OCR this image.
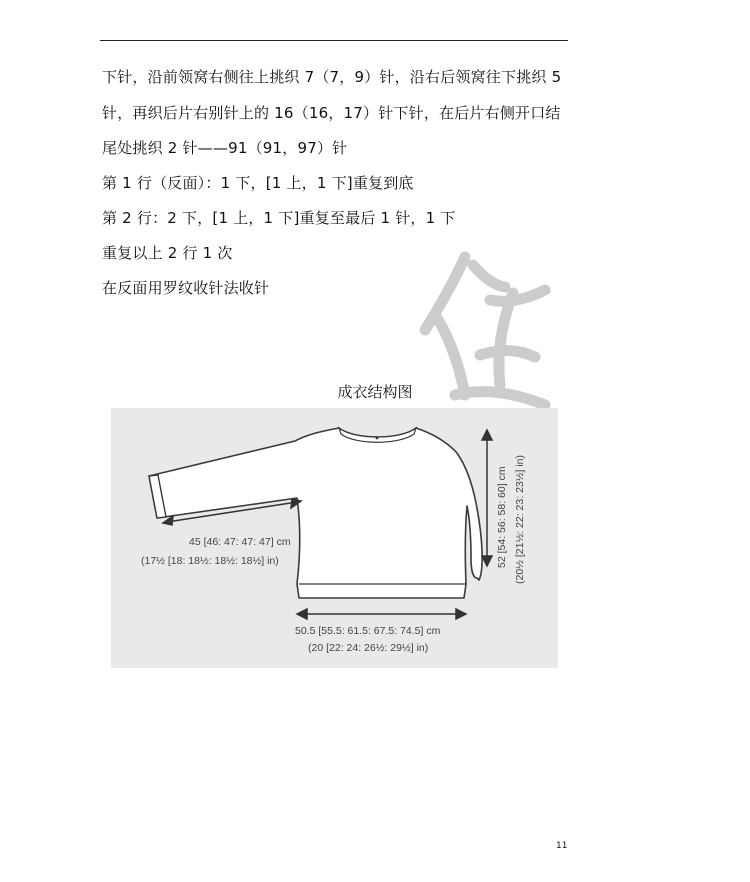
下针，沿前领窝右侧往上挑织 7（7，9）针，沿右后领窝往下挑织 5
针，再织后片右别针上的 16（16，17）针下针，在后片右侧开口结
尾处挑织 2 针——91（91，97）针
第 1 行（反面）：1 下，[1 上，1 下]重复到底
第 2 行：2 下，[1 上，1 下]重复至最后 1 针，1 下
重复以上 2 行 1 次
在反面用罗纹收针法收针
成衣结构图
45 [46: 47: 47: 47] cm
(17½ [18: 18½: 18½: 18½] in)
50.5 [55.5: 61.5: 67.5: 74.5] cm
(20 [22: 24: 26½: 29½] in)
52 [54: 56: 58: 60] cm (20½ [21½: 22: 23: 23½] in)
11
